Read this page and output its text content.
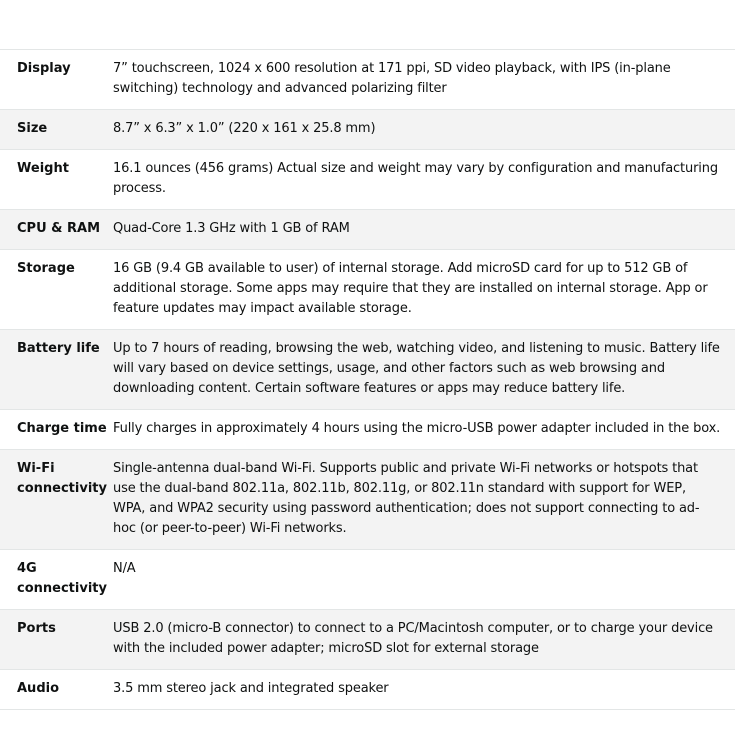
Display	7” touchscreen, 1024 x 600 resolution at 171 ppi, SD video playback, with IPS (in-plane switching) technology and advanced polarizing filter
Size	8.7” x 6.3” x 1.0” (220 x 161 x 25.8 mm)
Weight	16.1 ounces (456 grams) Actual size and weight may vary by configuration and manufacturing process.
CPU & RAM	Quad-Core 1.3 GHz with 1 GB of RAM
Storage	16 GB (9.4 GB available to user) of internal storage. Add microSD card for up to 512 GB of additional storage. Some apps may require that they are installed on internal storage. App or feature updates may impact available storage.
Battery life	Up to 7 hours of reading, browsing the web, watching video, and listening to music. Battery life will vary based on device settings, usage, and other factors such as web browsing and downloading content. Certain software features or apps may reduce battery life.
Charge time	Fully charges in approximately 4 hours using the micro-USB power adapter included in the box.
Wi-Fi connectivity	Single-antenna dual-band Wi-Fi. Supports public and private Wi-Fi networks or hotspots that use the dual-band 802.11a, 802.11b, 802.11g, or 802.11n standard with support for WEP, WPA, and WPA2 security using password authentication; does not support connecting to ad-hoc (or peer-to-peer) Wi-Fi networks.
4G connectivity	N/A
Ports	USB 2.0 (micro-B connector) to connect to a PC/Macintosh computer, or to charge your device with the included power adapter; microSD slot for external storage
Audio	3.5 mm stereo jack and integrated speaker
